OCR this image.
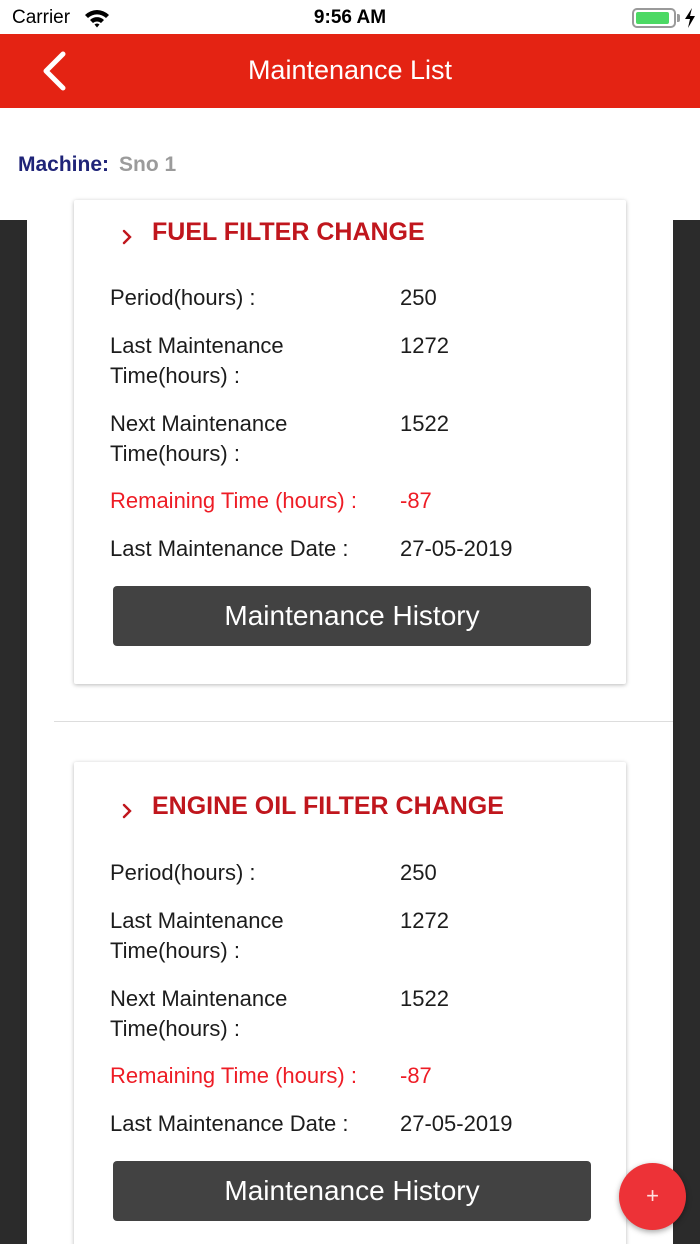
Carrier	9:56 AM
Maintenance List
Machine: Sno 1
FUEL FILTER CHANGE
Period(hours) :	250
Last Maintenance
Time(hours) :
1272
Next Maintenance
Time(hours) :
1522
Remaining Time (hours) : -87
Last Maintenance Date : 27-05-2019
Maintenance History
ENGINE OIL FILTER CHANGE
Period(hours) :	250
Last Maintenance
Time(hours) :
1272
Next Maintenance
Time(hours) :
1522
Remaining Time (hours) : -87
Last Maintenance Date : 27-05-2019
Maintenance History	+
